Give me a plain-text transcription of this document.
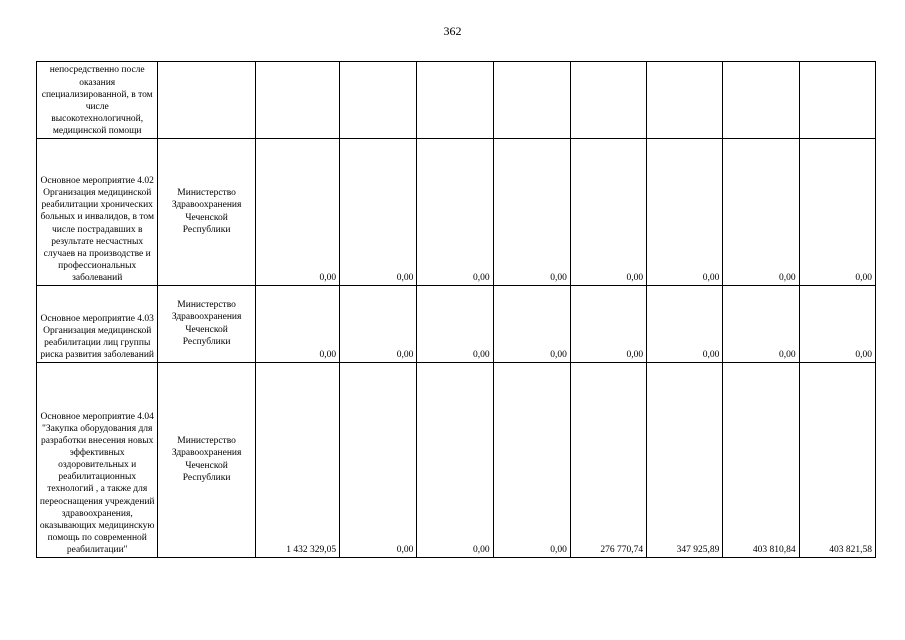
362
непосредственно после оказания специализированной, в том числе высокотехнологичной, медицинской помощи									
Основное мероприятие 4.02 Организация медицинской реабилитации хронических больных и инвалидов, в том числе пострадавших в результате несчастных случаев на производстве и профессиональных заболеваний	Министерство Здравоохранения Чеченской Республики	0,00	0,00	0,00	0,00	0,00	0,00	0,00	0,00
Основное мероприятие 4.03 Организация медицинской реабилитации лиц группы риска развития заболеваний	Министерство Здравоохранения Чеченской Республики	0,00	0,00	0,00	0,00	0,00	0,00	0,00	0,00
Основное мероприятие 4.04 "Закупка оборудования для разработки внесения новых эффективных оздоровительных и реабилитационных технологий , а также для переоснащения учреждений здравоохранения, оказывающих медицинскую помощь по современной реабилитации"	Министерство Здравоохранения Чеченской Республики	1 432 329,05	0,00	0,00	0,00	276 770,74	347 925,89	403 810,84	403 821,58
